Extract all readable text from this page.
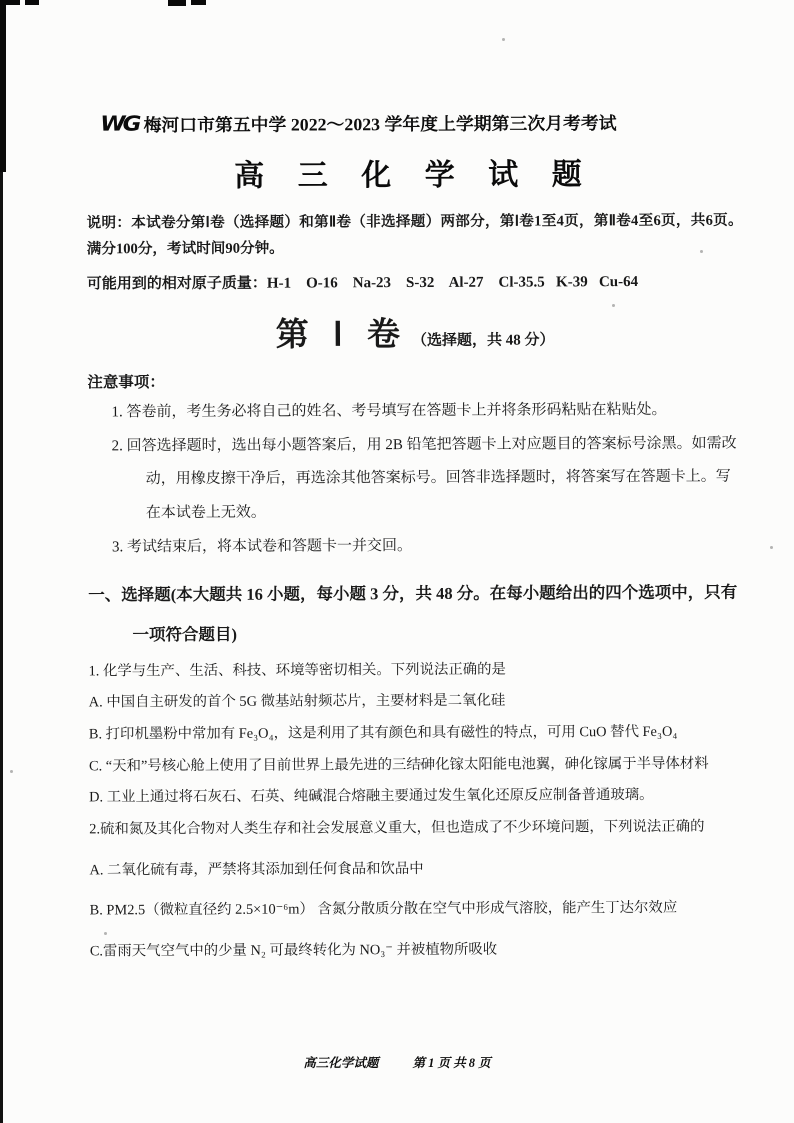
WG 梅河口市第五中学 2022～2023 学年度上学期第三次月考考试
高 三 化 学 试 题
说明：本试卷分第Ⅰ卷（选择题）和第Ⅱ卷（非选择题）两部分，第Ⅰ卷1至4页，第Ⅱ卷4至6页，共6页。满分100分，考试时间90分钟。
可能用到的相对原子质量：H-1    O-16    Na-23    S-32    Al-27    Cl-35.5   K-39   Cu-64
第 Ⅰ 卷 （选择题，共 48 分）
注意事项：
1. 答卷前，考生务必将自己的姓名、考号填写在答题卡上并将条形码粘贴在粘贴处。
2. 回答选择题时，选出每小题答案后，用 2B 铅笔把答题卡上对应题目的答案标号涂黑。如需改动，用橡皮擦干净后，再选涂其他答案标号。回答非选择题时，将答案写在答题卡上。写在本试卷上无效。
3. 考试结束后，将本试卷和答题卡一并交回。
一、选择题(本大题共 16 小题，每小题 3 分，共 48 分。在每小题给出的四个选项中，只有一项符合题目)
1. 化学与生产、生活、科技、环境等密切相关。下列说法正确的是
A. 中国自主研发的首个 5G 微基站射频芯片，主要材料是二氧化硅
B. 打印机墨粉中常加有 Fe₃O₄，这是利用了其有颜色和具有磁性的特点，可用 CuO 替代 Fe₃O₄
C. “天和”号核心舱上使用了目前世界上最先进的三结砷化镓太阳能电池翼，砷化镓属于半导体材料
D. 工业上通过将石灰石、石英、纯碱混合熔融主要通过发生氧化还原反应制备普通玻璃。
2.硫和氮及其化合物对人类生存和社会发展意义重大，但也造成了不少环境问题，下列说法正确的
A. 二氧化硫有毒，严禁将其添加到任何食品和饮品中
B. PM2.5（微粒直径约 2.5×10⁻⁶m） 含氮分散质分散在空气中形成气溶胶，能产生丁达尔效应
C.雷雨天气空气中的少量 N₂ 可最终转化为 NO₃⁻ 并被植物所吸收
高三化学试题	第 1 页 共 8 页
